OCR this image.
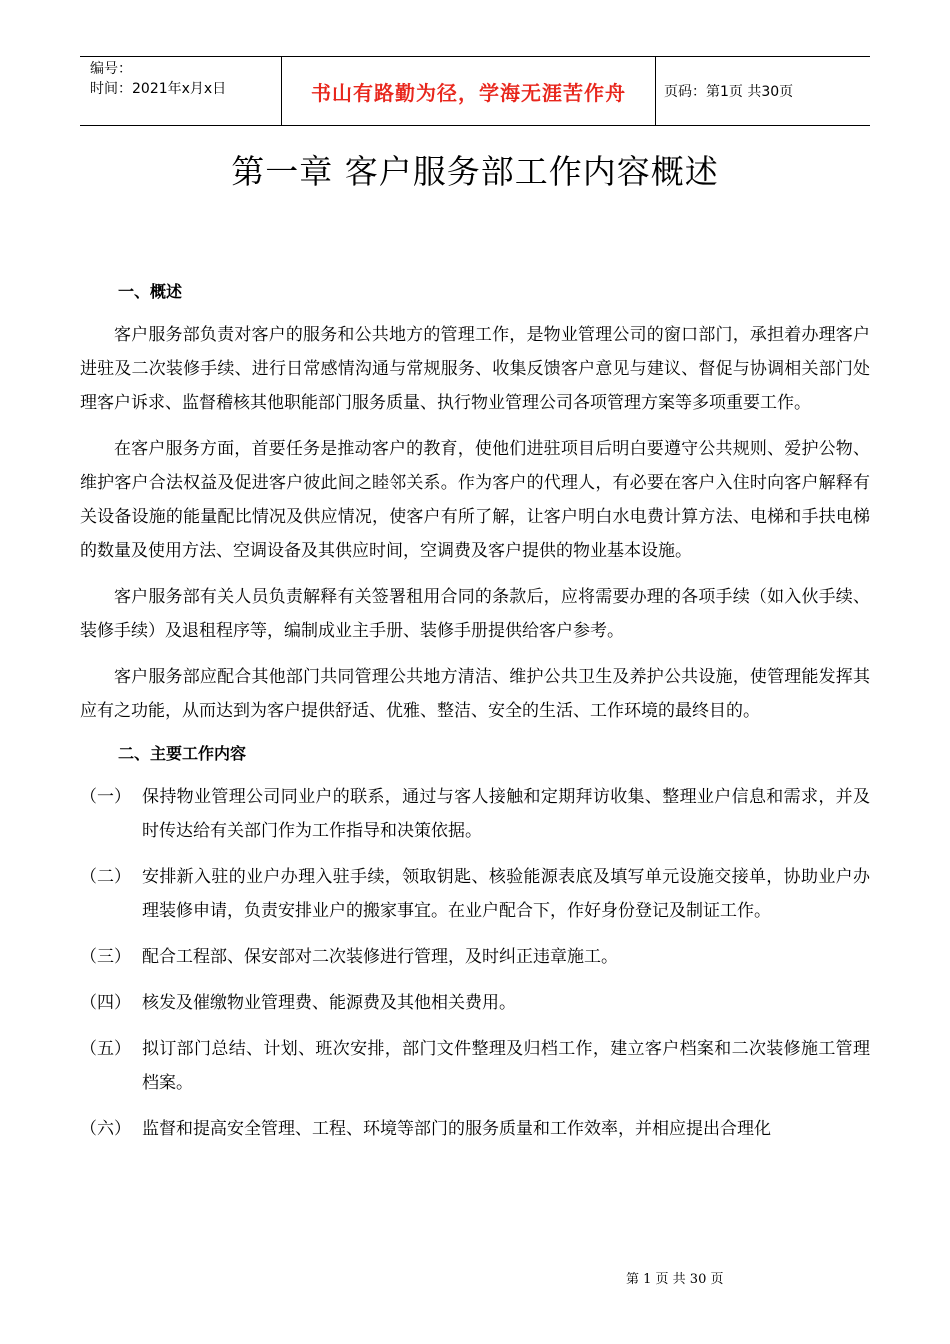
编号：
时间：2021年x月x日	书山有路勤为径，学海无涯苦作舟	页码：第1页 共30页
第一章 客户服务部工作内容概述
一、概述

客户服务部负责对客户的服务和公共地方的管理工作，是物业管理公司的窗口部门，承担着办理客户进驻及二次装修手续、进行日常感情沟通与常规服务、收集反馈客户意见与建议、督促与协调相关部门处理客户诉求、监督稽核其他职能部门服务质量、执行物业管理公司各项管理方案等多项重要工作。

在客户服务方面，首要任务是推动客户的教育，使他们进驻项目后明白要遵守公共规则、爱护公物、维护客户合法权益及促进客户彼此间之睦邻关系。作为客户的代理人，有必要在客户入住时向客户解释有关设备设施的能量配比情况及供应情况，使客户有所了解，让客户明白水电费计算方法、电梯和手扶电梯的数量及使用方法、空调设备及其供应时间，空调费及客户提供的物业基本设施。

客户服务部有关人员负责解释有关签署租用合同的条款后，应将需要办理的各项手续（如入伙手续、装修手续）及退租程序等，编制成业主手册、装修手册提供给客户参考。

客户服务部应配合其他部门共同管理公共地方清洁、维护公共卫生及养护公共设施，使管理能发挥其应有之功能，从而达到为客户提供舒适、优雅、整洁、安全的生活、工作环境的最终目的。

二、主要工作内容
（一） 保持物业管理公司同业户的联系，通过与客人接触和定期拜访收集、整理业户信息和需求，并及时传达给有关部门作为工作指导和决策依据。
（二） 安排新入驻的业户办理入驻手续，领取钥匙、核验能源表底及填写单元设施交接单，协助业户办理装修申请，负责安排业户的搬家事宜。在业户配合下，作好身份登记及制证工作。
（三） 配合工程部、保安部对二次装修进行管理，及时纠正违章施工。
（四） 核发及催缴物业管理费、能源费及其他相关费用。
（五） 拟订部门总结、计划、班次安排，部门文件整理及归档工作，建立客户档案和二次装修施工管理档案。
（六） 监督和提高安全管理、工程、环境等部门的服务质量和工作效率，并相应提出合理化
第 1 页 共 30 页
